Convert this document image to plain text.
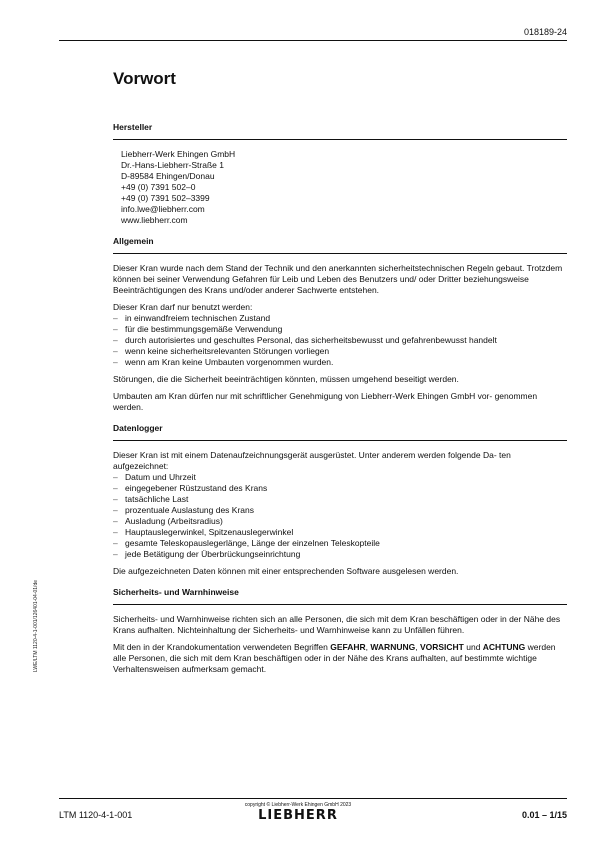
018189-24
Vorwort

Hersteller

Liebherr-Werk Ehingen GmbH
Dr.-Hans-Liebherr-Straße 1
D-89584 Ehingen/Donau
+49 (0) 7391 502–0
+49 (0) 7391 502–3399
info.lwe@liebherr.com
www.liebherr.com

Allgemein

Dieser Kran wurde nach dem Stand der Technik und den anerkannten sicherheitstechnischen Regeln gebaut. Trotzdem können bei seiner Verwendung Gefahren für Leib und Leben des Benutzers und/ oder Dritter beziehungsweise Beeinträchtigungen des Krans und/oder anderer Sachwerte entstehen.

Dieser Kran darf nur benutzt werden:

– in einwandfreiem technischen Zustand
– für die bestimmungsgemäße Verwendung
– durch autorisiertes und geschultes Personal, das sicherheitsbewusst und gefahrenbewusst handelt
– wenn keine sicherheitsrelevanten Störungen vorliegen
– wenn am Kran keine Umbauten vorgenommen wurden.

Störungen, die die Sicherheit beeinträchtigen könnten, müssen umgehend beseitigt werden.

Umbauten am Kran dürfen nur mit schriftlicher Genehmigung von Liebherr-Werk Ehingen GmbH vor- genommen werden.

Datenlogger

Dieser Kran ist mit einem Datenaufzeichnungsgerät ausgerüstet. Unter anderem werden folgende Da- ten aufgezeichnet:

– Datum und Uhrzeit
– eingegebener Rüstzustand des Krans
– tatsächliche Last
– prozentuale Auslastung des Krans
– Ausladung (Arbeitsradius)
– Hauptauslegerwinkel, Spitzenauslegerwinkel
– gesamte Teleskopauslegerlänge, Länge der einzelnen Teleskopteile
– jede Betätigung der Überbrückungseinrichtung

Die aufgezeichneten Daten können mit einer entsprechenden Software ausgelesen werden.

Sicherheits- und Warnhinweise

Sicherheits- und Warnhinweise richten sich an alle Personen, die sich mit dem Kran beschäftigen oder in der Nähe des Krans aufhalten. Nichteinhaltung der Sicherheits- und Warnhinweise kann zu Unfällen führen.

Mit den in der Krandokumentation verwendeten Begriffen GEFAHR, WARNUNG, VORSICHT und ACHTUNG werden alle Personen, die sich mit dem Kran beschäftigen oder in der Nähe des Krans aufhalten, auf bestimmte wichtige Verhaltensweisen aufmerksam gemacht.

LWE/LTM 1120-4-1-001/126401-04-01/de
LTM 1120-4-1-001
copyright © Liebherr-Werk Ehingen GmbH 2023
LIEBHERR	0.01 – 1/15
